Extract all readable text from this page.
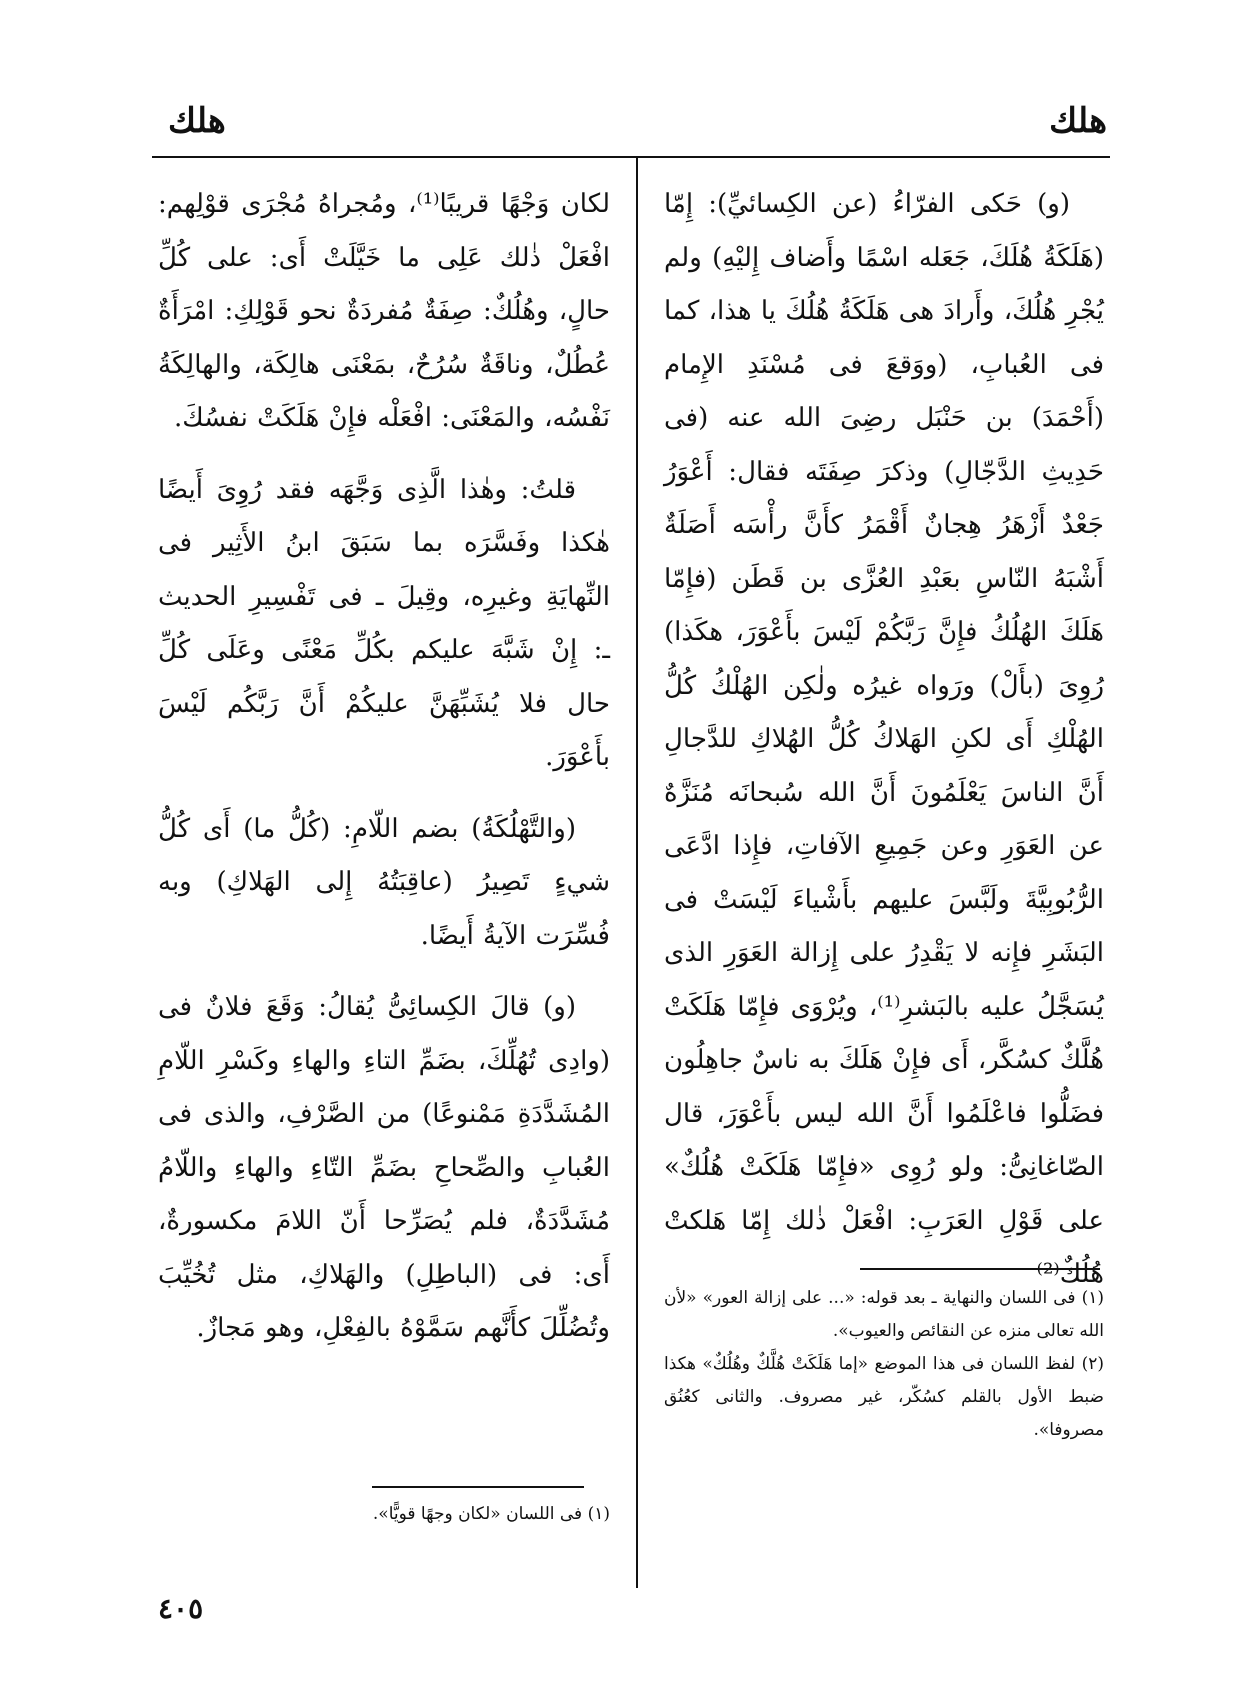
هلك
هلك

(و) حَكى الفرّاءُ (عن الكِسائيِّ): إِمّا (هَلَكَةُ هُلَكَ، جَعَله اسْمًا وأَضاف إِليْهِ) ولم يُجْرِ هُلُكَ، وأَرادَ هى هَلَكَةُ هُلُكَ يا هذا، كما فى العُبابِ، (ووَقعَ فى مُسْنَدِ الإِمام (أَحْمَدَ) بن حَنْبَل رضِىَ الله عنه (فى حَدِيثِ الدَّجّالِ) وذكرَ صِفَتَه فقال: أَعْوَرُ جَعْدٌ أَزْهَرُ هِجانٌ أَقْمَرُ كأَنَّ رأْسَه أَصَلَةٌ أَشْبَهُ النّاسِ بعَبْدِ العُزَّى بن قَطَن (فإِمّا هَلَكَ الهُلُكُ فإِنَّ رَبَّكُمْ لَيْسَ بأَعْوَرَ، هكَذا) رُوِىَ (بأَلْ) ورَواه غيرُه ولٰكِن الهُلْكُ كُلُّ الهُلْكِ أَى لكنِ الهَلاكُ كُلُّ الهُلاكِ للدَّجالِ أَنَّ الناسَ يَعْلَمُونَ أَنَّ الله سُبحانَه مُنَزَّهٌ عن العَوَرِ وعن جَمِيعِ الآفاتِ، فإِذا ادَّعَى الرُّبُوبِيَّةَ ولَبَّسَ عليهم بأَشْياءَ لَيْسَتْ فى البَشَرِ فإِنه لا يَقْدِرُ على إِزالة العَوَرِ الذى يُسَجَّلُ عليه بالبَشرِ⁽¹⁾، ويُرْوَى فإِمّا هَلَكَتْ هُلَّكٌ كسُكَّر، أَى فإِنْ هَلَكَ به ناسٌ جاهِلُون فضَلُّوا فاعْلَمُوا أَنَّ الله ليس بأَعْوَرَ، قال الصّاغانِىُّ: ولو رُوِى «فإِمّا هَلَكَتْ هُلُكٌ» على قَوْلِ العَرَبِ: افْعَلْ ذٰلك إِمّا هَلكتْ هُلُكٌ⁽²⁾

(١) فى اللسان والنهاية ـ بعد قوله: «... على إزالة العور» «لأن الله تعالى منزه عن النقائص والعيوب».

(٢) لفظ اللسان فى هذا الموضع «إما هَلَكَتْ هُلَّكٌ وهُلُكٌ» هكذا ضبط الأول بالقلم كسُكّر، غير مصروف. والثانى كعُنُق مصروفا».

لكان وَجْهًا قريبًا⁽¹⁾، ومُجراهُ مُجْرَى قوْلِهم: افْعَلْ ذٰلك عَلِى ما خَيَّلَتْ أَى: على كُلِّ حالٍ، وهُلُكٌ: صِفَةٌ مُفردَةٌ نحو قَوْلِكِ: امْرَأَةٌ عُطُلٌ، وناقَةٌ سُرُحٌ، بمَعْنَى هالِكَة، والهالِكَةُ نَفْسُه، والمَعْنَى: افْعَلْه فإِنْ هَلَكَتْ نفسُكَ.

قلتُ: وهٰذا الَّذِى وَجَّهَه فقد رُوِىَ أَيضًا هٰكذا وفَسَّرَه بما سَبَقَ ابنُ الأَثِير فى النِّهايَةِ وغيرِه، وقِيلَ ـ فى تَفْسِيرِ الحديث ـ: إِنْ شَبَّهَ عليكم بكُلِّ مَعْنًى وعَلَى كُلِّ حال فلا يُشَبِّهَنَّ عليكُمْ أَنَّ رَبَّكُم لَيْسَ بأَعْوَرَ.

(والتَّهْلُكَةُ) بضم اللّامِ: (كُلُّ ما) أَى كُلُّ شيءٍ تَصِيرُ (عاقِبَتُهُ إِلى الهَلاكِ) وبه فُسِّرَت الآيةُ أَيضًا.

(و) قالَ الكِسائِىُّ يُقالُ: وَقَعَ فلانٌ فى (وادِى تُهُلِّكَ، بضَمِّ التاءِ والهاءِ وكَسْرِ اللّامِ المُشَدَّدَةِ مَمْنوعًا) من الصَّرْفِ، والذى فى العُبابِ والصِّحاحِ بضَمِّ التّاءِ والهاءِ واللّامُ مُشَدَّدَةٌ، فلم يُصَرِّحا أَنّ اللامَ مكسورةٌ، أَى: فى (الباطِلِ) والهَلاكِ، مثل تُخُيِّبَ وتُضُلِّلَ كأَنَّهم سَمَّوْهُ بالفِعْلِ، وهو مَجازٌ.

(١) فى اللسان «لكان وجهًا قويًّا».

٤٠٥
